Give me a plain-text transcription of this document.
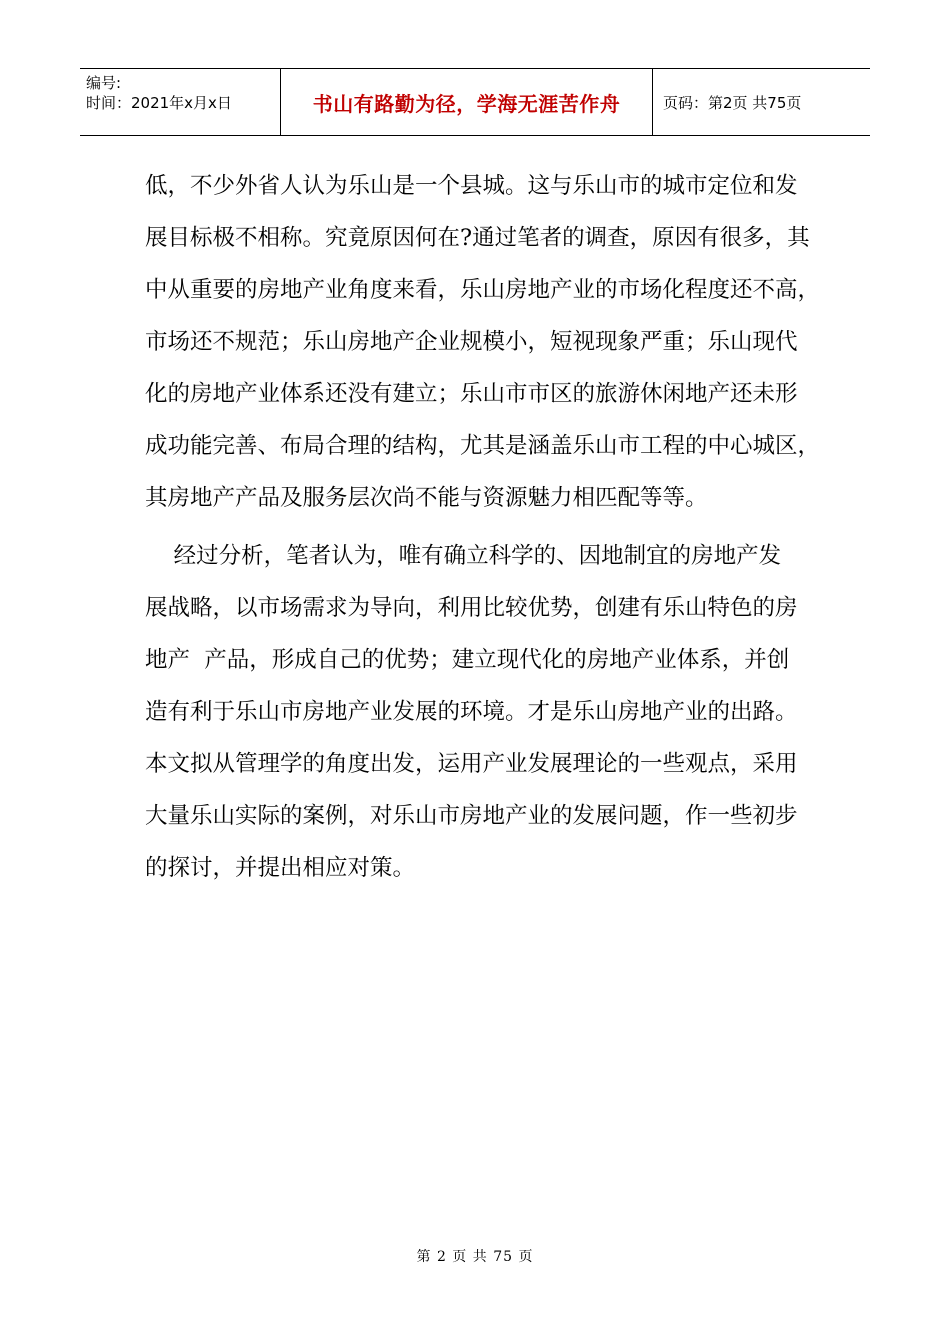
编号:
时间：2021年x月x日	书山有路勤为径，学海无涯苦作舟	页码：第2页 共75页
低，不少外省人认为乐山是一个县城。这与乐山市的城市定位和发
展目标极不相称。究竟原因何在?通过笔者的调查，原因有很多，其
中从重要的房地产业角度来看，乐山房地产业的市场化程度还不高，
市场还不规范；乐山房地产企业规模小，短视现象严重；乐山现代
化的房地产业体系还没有建立；乐山市市区的旅游休闲地产还未形
成功能完善、布局合理的结构，尤其是涵盖乐山市工程的中心城区，
其房地产产品及服务层次尚不能与资源魅力相匹配等等。
经过分析，笔者认为，唯有确立科学的、因地制宜的房地产发
展战略，以市场需求为导向，利用比较优势，创建有乐山特色的房
地产  产品，形成自己的优势；建立现代化的房地产业体系，并创
造有利于乐山市房地产业发展的环境。才是乐山房地产业的出路。
本文拟从管理学的角度出发，运用产业发展理论的一些观点，采用
大量乐山实际的案例，对乐山市房地产业的发展问题，作一些初步
的探讨，并提出相应对策。
第 2 页 共 75 页
